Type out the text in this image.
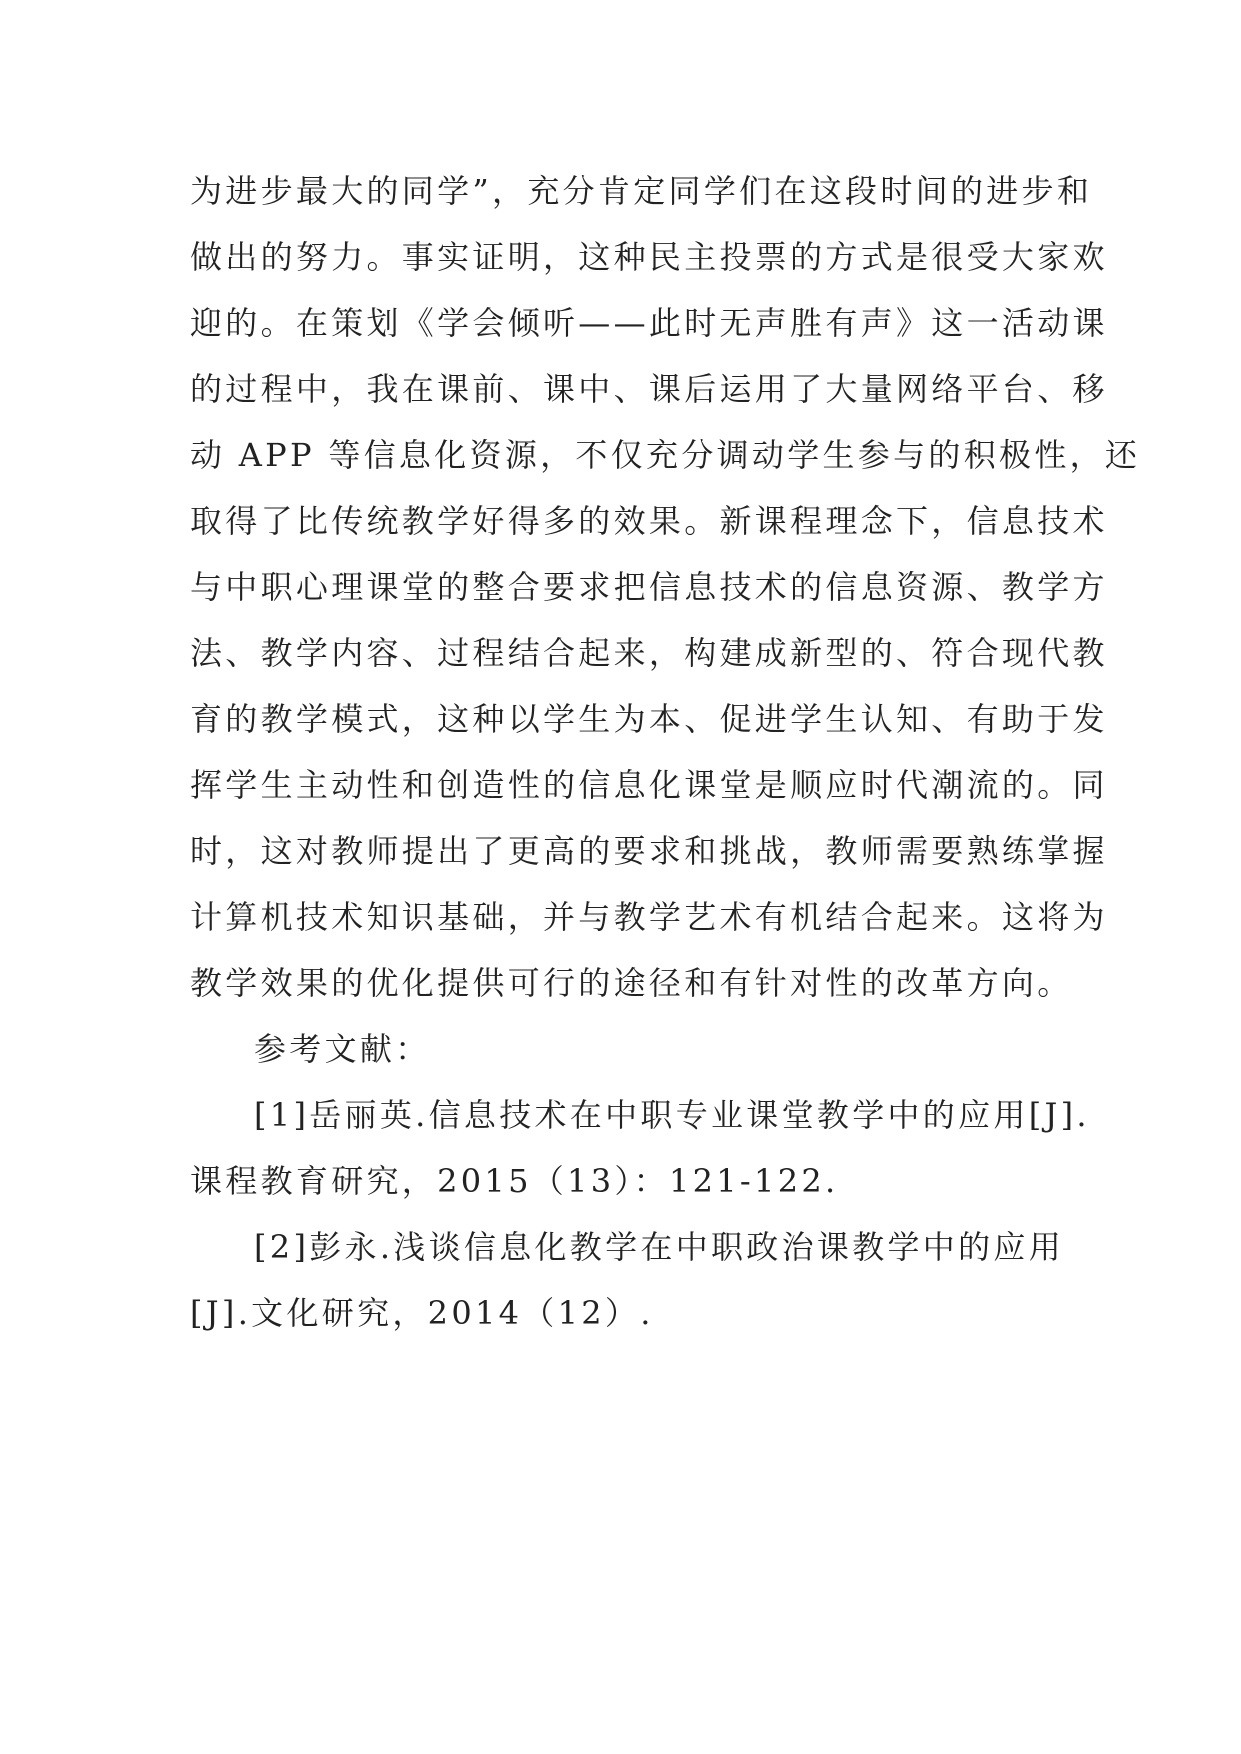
为进步最大的同学”，充分肯定同学们在这段时间的进步和
做出的努力。事实证明，这种民主投票的方式是很受大家欢
迎的。在策划《学会倾听——此时无声胜有声》这一活动课
的过程中，我在课前、课中、课后运用了大量网络平台、移
动 APP 等信息化资源，不仅充分调动学生参与的积极性，还
取得了比传统教学好得多的效果。新课程理念下，信息技术
与中职心理课堂的整合要求把信息技术的信息资源、教学方
法、教学内容、过程结合起来，构建成新型的、符合现代教
育的教学模式，这种以学生为本、促进学生认知、有助于发
挥学生主动性和创造性的信息化课堂是顺应时代潮流的。同
时，这对教师提出了更高的要求和挑战，教师需要熟练掌握
计算机技术知识基础，并与教学艺术有机结合起来。这将为
教学效果的优化提供可行的途径和有针对性的改革方向。
参考文献：
[1]岳丽英.信息技术在中职专业课堂教学中的应用[J].
课程教育研究，2015（13）：121-122.
[2]彭永.浅谈信息化教学在中职政治课教学中的应用
[J].文化研究，2014（12）.
